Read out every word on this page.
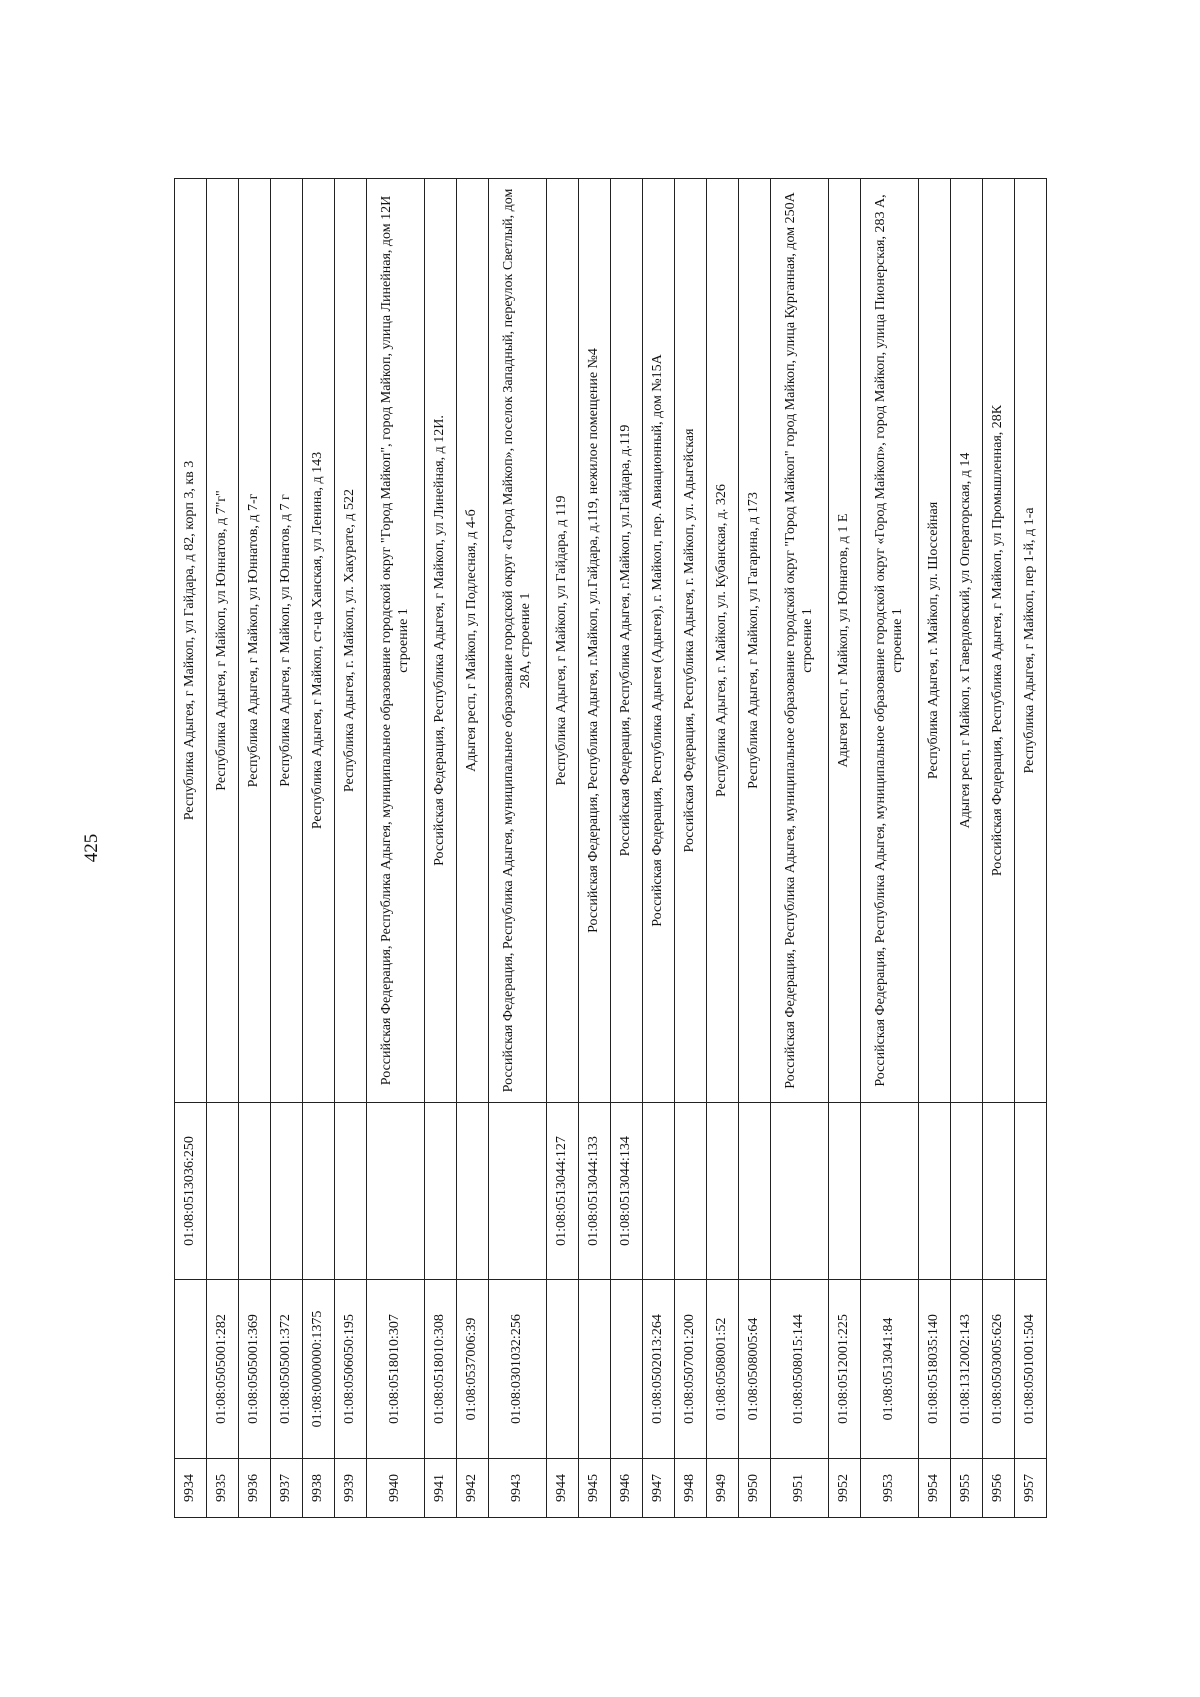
425
9934		01:08:0513036:250	Республика Адыгея, г Майкоп, ул Гайдара, д 82, корп 3, кв 3
9935	01:08:0505001:282		Республика Адыгея, г Майкоп, ул Юннатов, д 7"г"
9936	01:08:0505001:369		Республика Адыгея, г Майкоп, ул Юннатов, д 7-г
9937	01:08:0505001:372		Республика Адыгея, г Майкоп, ул Юннатов, д 7 г
9938	01:08:0000000:1375		Республика Адыгея, г Майкоп, ст-ца Ханская, ул Ленина, д 143
9939	01:08:0506050:195		Республика Адыгея, г. Майкоп, ул. Хакурате, д 522
9940	01:08:0518010:307		Российская Федерация, Республика Адыгея, муниципальное образование городской округ "Город Майкоп", город Майкоп, улица Линейная, дом 12И строение 1
9941	01:08:0518010:308		Российская Федерация, Республика Адыгея, г Майкоп, ул Линейная, д 12И.
9942	01:08:0537006:39		Адыгея респ, г Майкоп, ул Подлесная, д 4-б
9943	01:08:0301032:256		Российская Федерация, Республика Адыгея, муниципальное образование городской округ «Город Майкоп», поселок Западный, переулок Светлый, дом 28А, строение 1
9944		01:08:0513044:127	Республика Адыгея, г Майкоп, ул Гайдара, д 119
9945		01:08:0513044:133	Российская Федерация, Республика Адыгея, г.Майкоп, ул.Гайдара, д.119, нежилое помещение №4
9946		01:08:0513044:134	Российская Федерация, Республика Адыгея, г.Майкоп, ул.Гайдара, д.119
9947	01:08:0502013:264		Российская Федерация, Республика Адыгея (Адыгея), г. Майкоп, пер. Авиационный, дом №15А
9948	01:08:0507001:200		Российская Федерация, Республика Адыгея, г. Майкоп, ул. Адыгейская
9949	01:08:0508001:52		Республика Адыгея, г. Майкоп, ул. Кубанская, д. 326
9950	01:08:0508005:64		Республика Адыгея, г Майкоп, ул Гагарина, д 173
9951	01:08:0508015:144		Российская Федерация, Республика Адыгея, муниципальное образование городской округ "Город Майкоп" город Майкоп, улица Курганная, дом 250А строение 1
9952	01:08:0512001:225		Адыгея респ, г Майкоп, ул Юннатов, д 1 Е
9953	01:08:0513041:84		Российская Федерация, Республика Адыгея, муниципальное образование городской округ «Город Майкоп», город Майкоп, улица Пионерская, 283 А, строение 1
9954	01:08:0518035:140		Республика Адыгея, г. Майкоп, ул. Шоссейная
9955	01:08:1312002:143		Адыгея респ, г Майкоп, х Гавердовский, ул Операторская, д 14
9956	01:08:0503005:626		Российская Федерация, Республика Адыгея, г Майкоп, ул Промышленная, 28К
9957	01:08:0501001:504		Республика Адыгея, г Майкоп, пер 1-й, д 1-а
